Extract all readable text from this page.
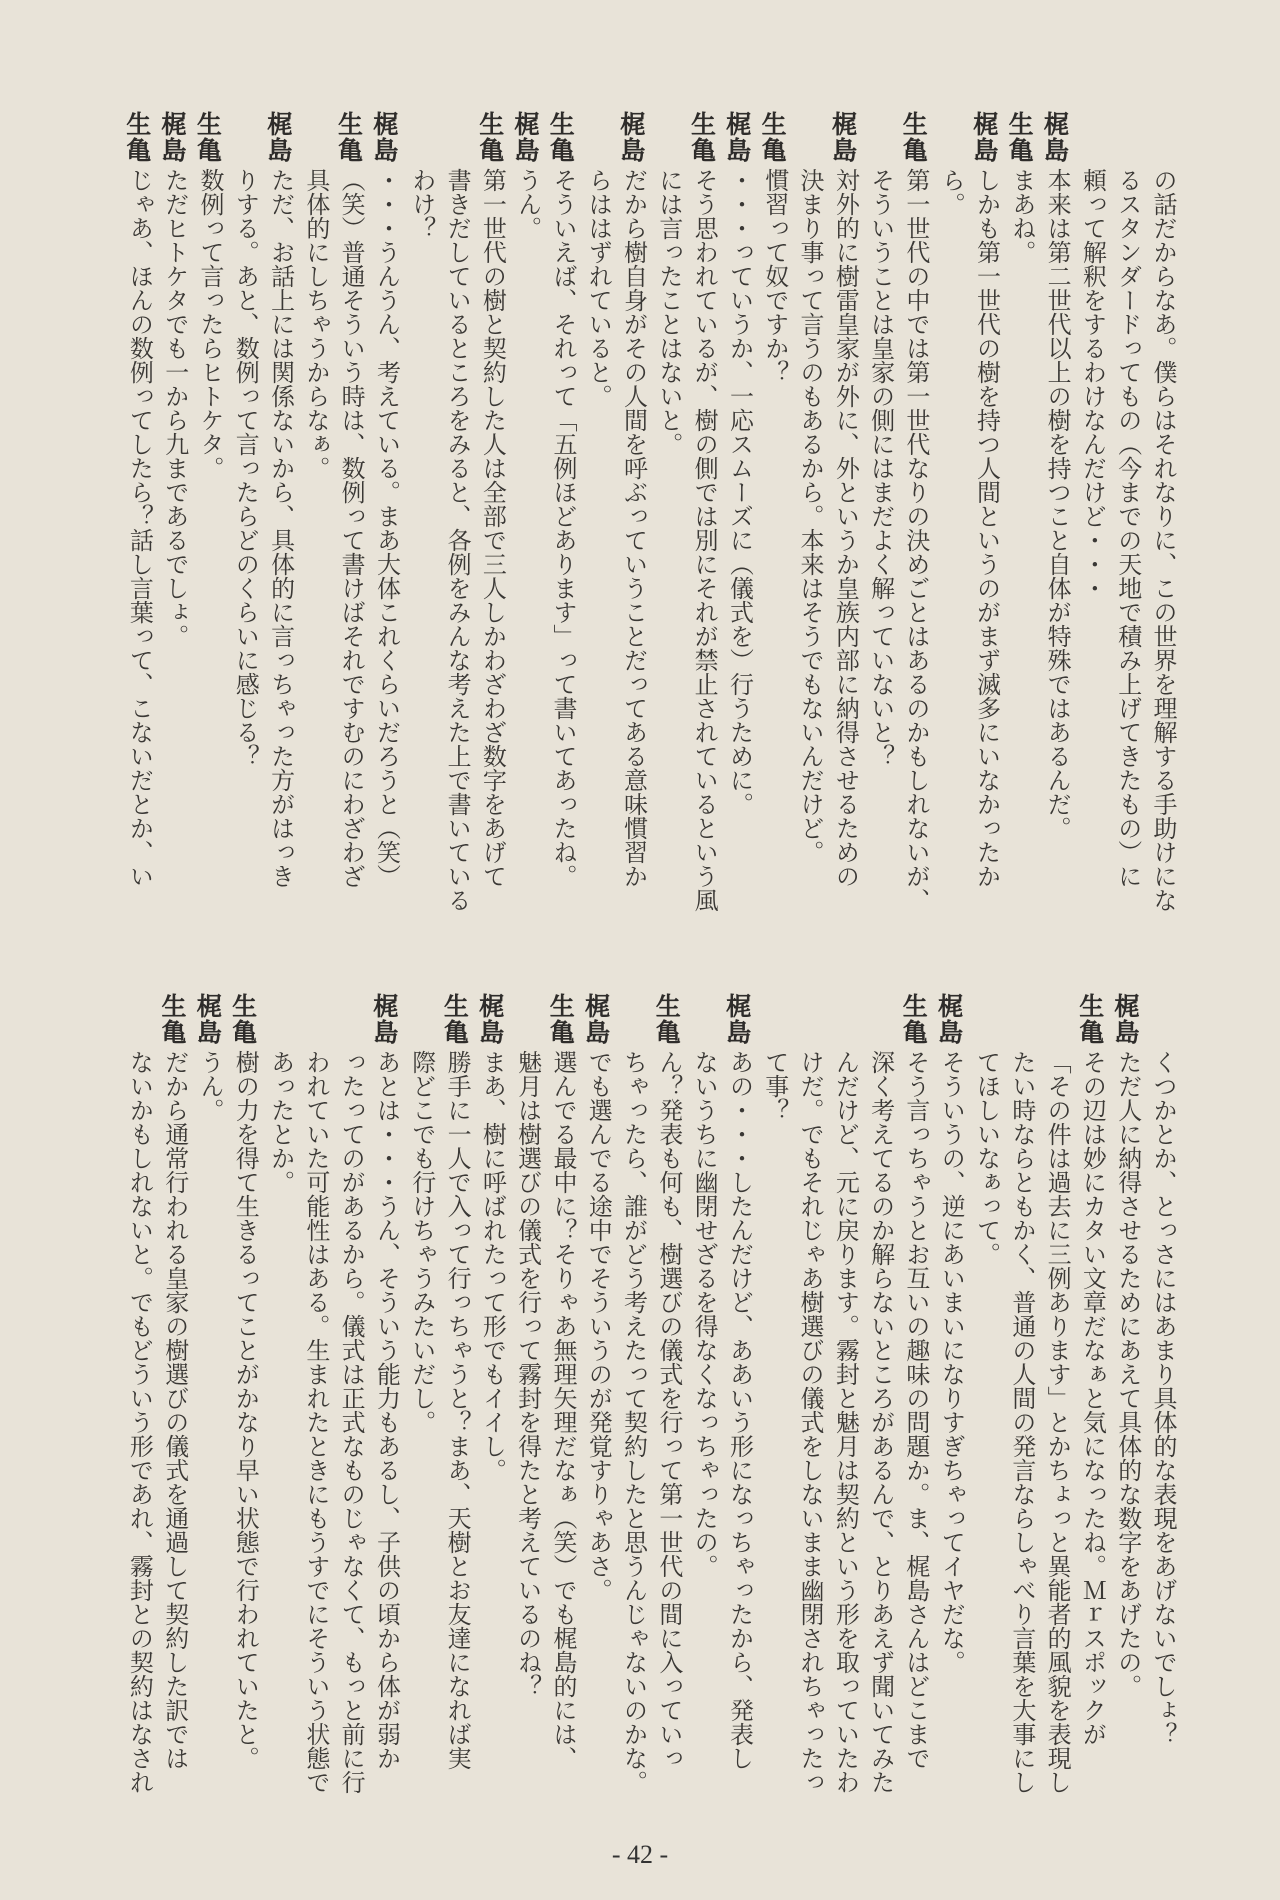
の話だからなあ。僕らはそれなりに、この世界を理解する手助けにな
るスタンダードってもの（今までの天地で積み上げてきたもの）に
頼って解釈をするわけなんだけど・・・
梶
島
本来は第二世代以上の樹を持つこと自体が特殊ではあるんだ。
生
亀
まあね。
梶
島
しかも第一世代の樹を持つ人間というのがまず滅多にいなかったか
ら。
生
亀
第一世代の中では第一世代なりの決めごとはあるのかもしれないが、
そういうことは皇家の側にはまだよく解っていないと？
梶
島
対外的に樹雷皇家が外に、外というか皇族内部に納得させるための
決まり事って言うのもあるから。本来はそうでもないんだけど。
生
亀
慣習って奴ですか？
梶
島
・・・っていうか、一応スムーズに（儀式を）行うために。
生
亀
そう思われているが、樹の側では別にそれが禁止されているという風
には言ったことはないと。
梶
島
だから樹自身がその人間を呼ぶっていうことだってある意味慣習か
らははずれていると。
生
亀
そういえば、それって「五例ほどあります」って書いてあったね。
梶
島
うん。
生
亀
第一世代の樹と契約した人は全部で三人しかわざわざ数字をあげて
書きだしているところをみると、各例をみんな考えた上で書いている
わけ？
梶
島
・・・うんうん、考えている。まあ大体これくらいだろうと（笑）
生
亀
（笑）普通そういう時は、数例って書けばそれですむのにわざわざ
具体的にしちゃうからなぁ。
梶
島
ただ、お話上には関係ないから、具体的に言っちゃった方がはっき
りする。あと、数例って言ったらどのくらいに感じる？
生
亀
数例って言ったらヒトケタ。
梶
島
ただヒトケタでも一から九まであるでしょ。
生
亀
じゃあ、ほんの数例ってしたら？話し言葉って、こないだとか、い
くつかとか、とっさにはあまり具体的な表現をあげないでしょ？
梶
島
ただ人に納得させるためにあえて具体的な数字をあげたの。
生
亀
その辺は妙にカタい文章だなぁと気になったね。Ｍｒスポックが
「その件は過去に三例あります」とかちょっと異能者的風貌を表現し
たい時ならともかく、普通の人間の発言ならしゃべり言葉を大事にし
てほしいなぁって。
梶
島
そういうの、逆にあいまいになりすぎちゃってイヤだな。
生
亀
そう言っちゃうとお互いの趣味の問題か。ま、梶島さんはどこまで
深く考えてるのか解らないところがあるんで、とりあえず聞いてみた
んだけど、元に戻ります。霧封と魅月は契約という形を取っていたわ
けだ。でもそれじゃあ樹選びの儀式をしないまま幽閉されちゃったっ
て事？
梶
島
あの・・・したんだけど、ああいう形になっちゃったから、発表し
ないうちに幽閉せざるを得なくなっちゃったの。
生
亀
ん？発表も何も、樹選びの儀式を行って第一世代の間に入っていっ
ちゃったら、誰がどう考えたって契約したと思うんじゃないのかな。
梶
島
でも選んでる途中でそういうのが発覚すりゃあさ。
生
亀
選んでる最中に？そりゃあ無理矢理だなぁ（笑）でも梶島的には、
魅月は樹選びの儀式を行って霧封を得たと考えているのね？
梶
島
まあ、樹に呼ばれたって形でもイイし。
生
亀
勝手に一人で入って行っちゃうと？まあ、天樹とお友達になれば実
際どこでも行けちゃうみたいだし。
梶
島
あとは・・・うん、そういう能力もあるし、子供の頃から体が弱か
ったってのがあるから。儀式は正式なものじゃなくて、もっと前に行
われていた可能性はある。生まれたときにもうすでにそういう状態で
あったとか。
生
亀
樹の力を得て生きるってことがかなり早い状態で行われていたと。
梶
島
うん。
生
亀
だから通常行われる皇家の樹選びの儀式を通過して契約した訳では
ないかもしれないと。でもどういう形であれ、霧封との契約はなされ
- 42 -
